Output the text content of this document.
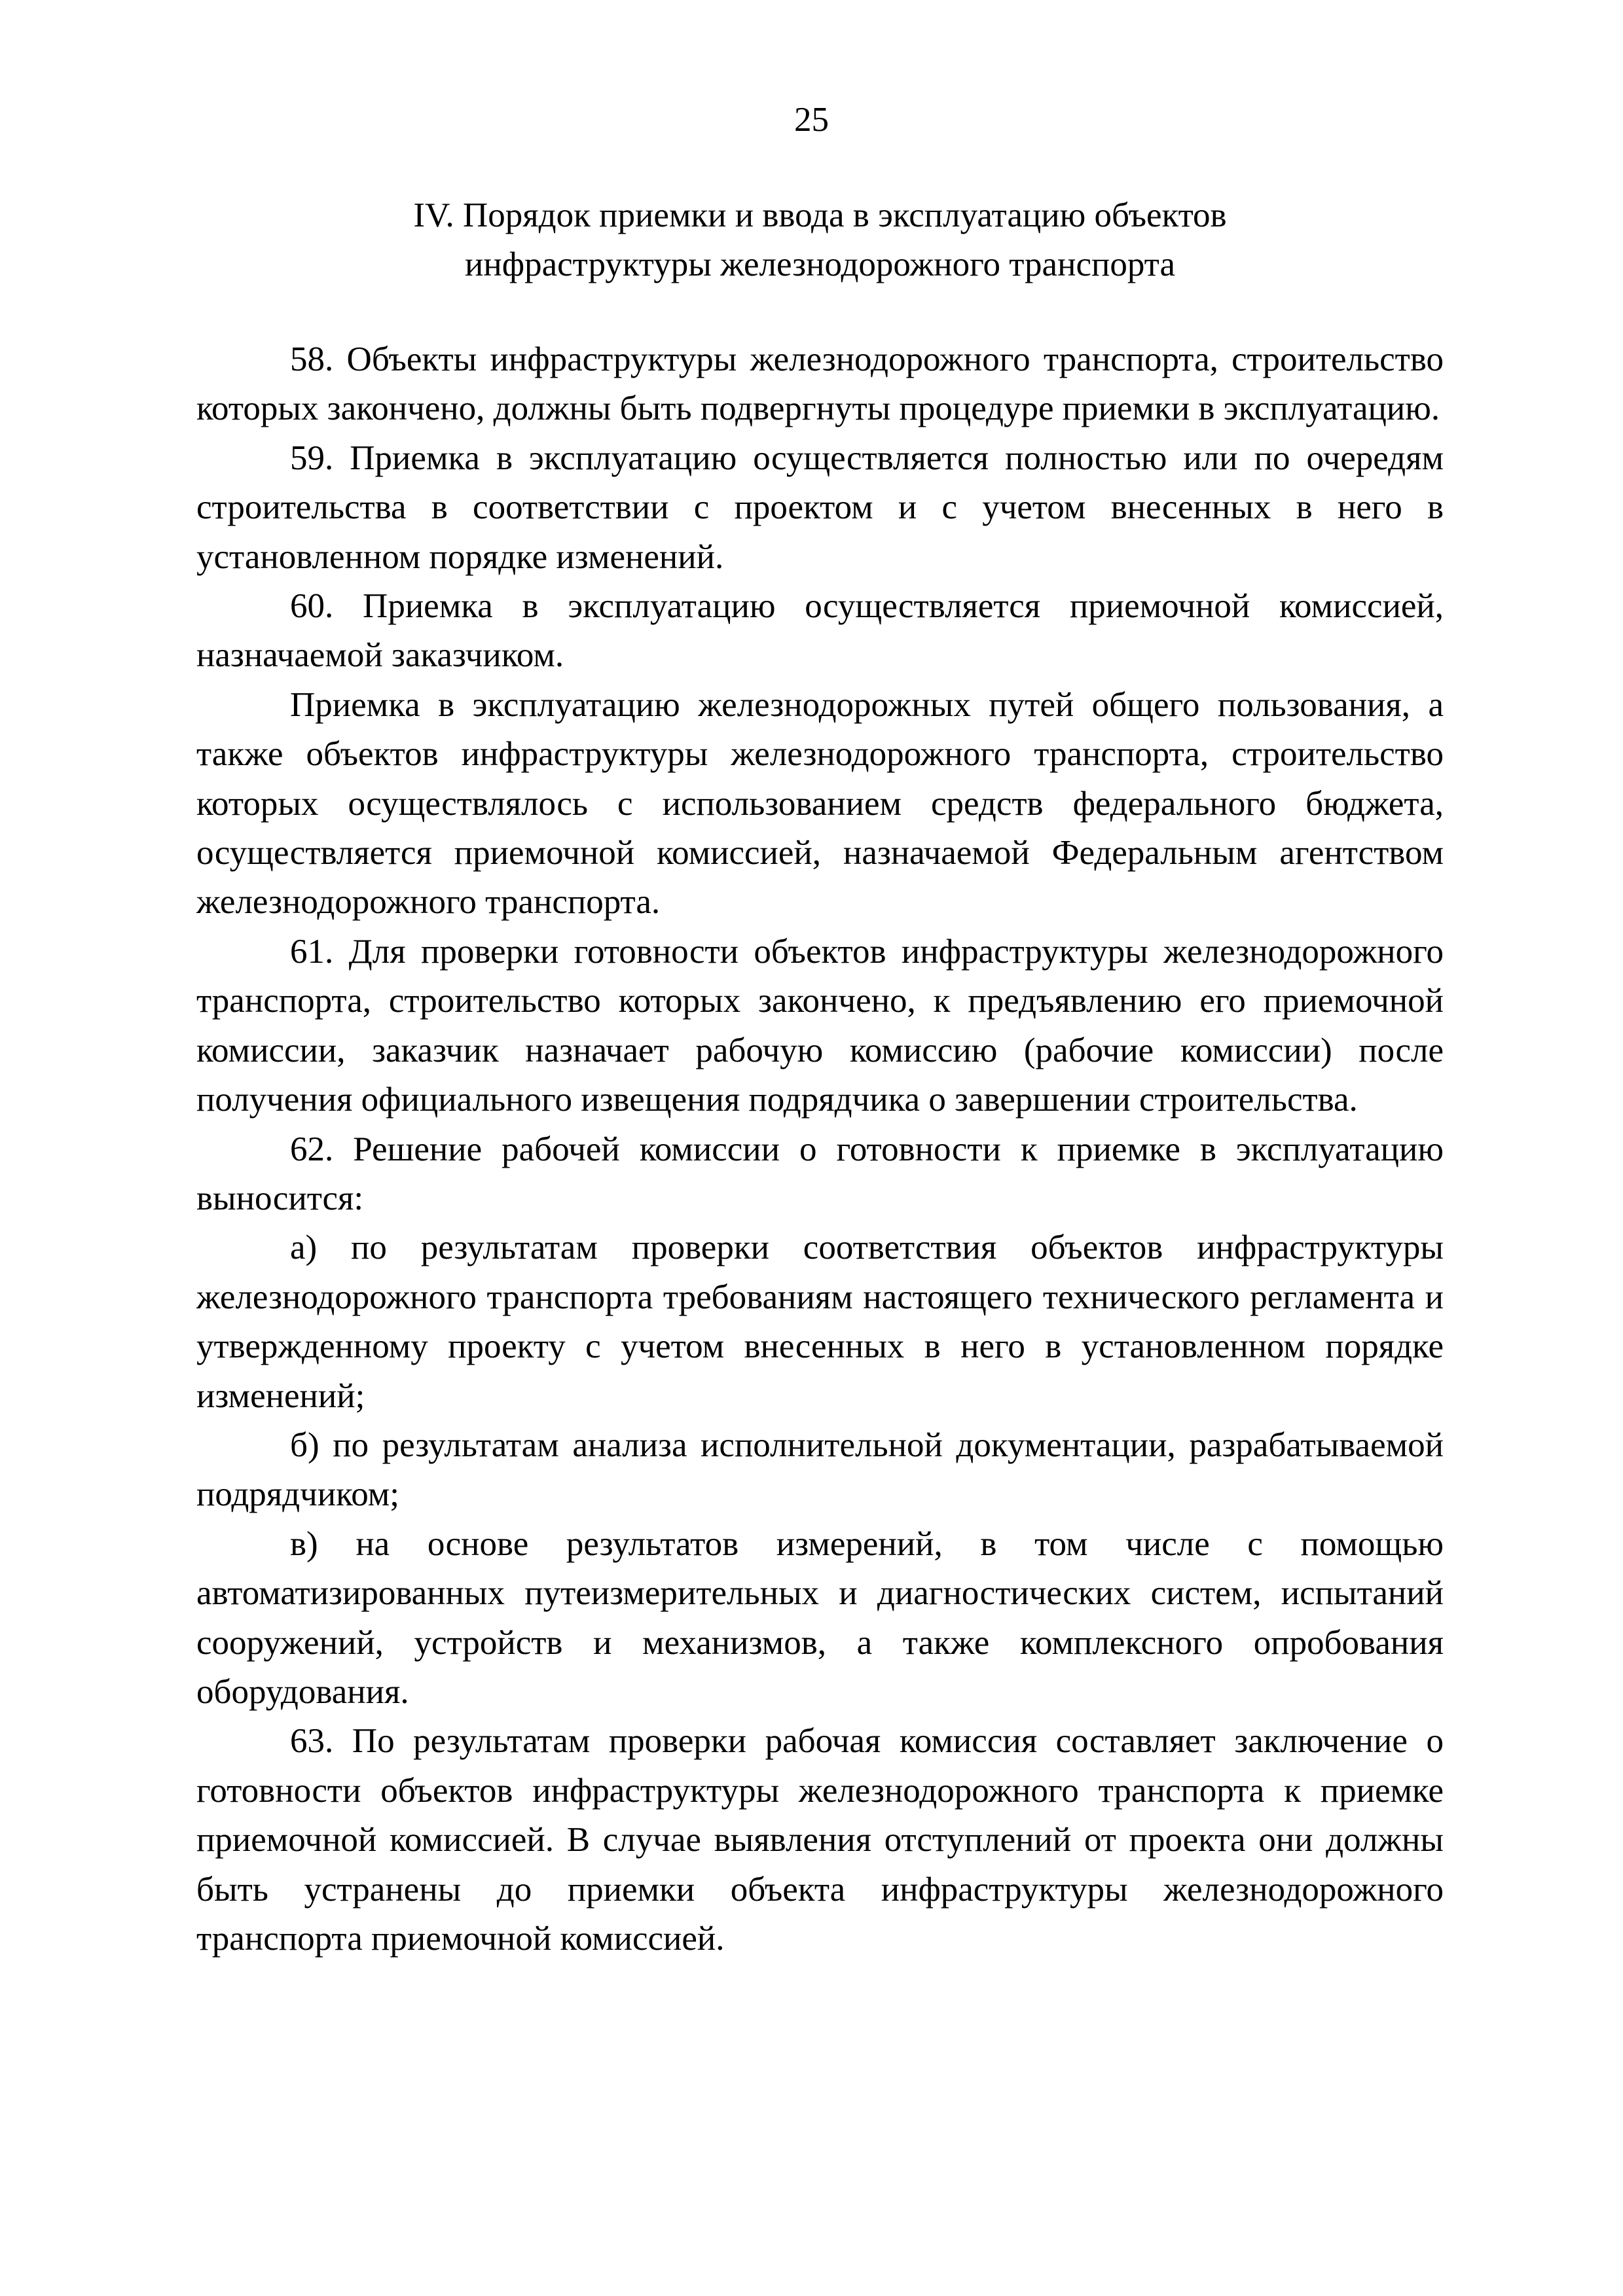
25
IV. Порядок приемки и ввода в эксплуатацию объектов
инфраструктуры железнодорожного транспорта

58. Объекты инфраструктуры железнодорожного транспорта, строительство которых закончено, должны быть подвергнуты процедуре приемки в эксплуатацию.

59. Приемка в эксплуатацию осуществляется полностью или по очередям строительства в соответствии с проектом и с учетом внесенных в него в установленном порядке изменений.

60. Приемка в эксплуатацию осуществляется приемочной комиссией, назначаемой заказчиком.

Приемка в эксплуатацию железнодорожных путей общего пользования, а также объектов инфраструктуры железнодорожного транспорта, строительство которых осуществлялось с использованием средств федерального бюджета, осуществляется приемочной комиссией, назначаемой Федеральным агентством железнодорожного транспорта.

61. Для проверки готовности объектов инфраструктуры железнодорожного транспорта, строительство которых закончено, к предъявлению его приемочной комиссии, заказчик назначает рабочую комиссию (рабочие комиссии) после получения официального извещения подрядчика о завершении строительства.

62. Решение рабочей комиссии о готовности к приемке в эксплуатацию выносится:

а) по результатам проверки соответствия объектов инфраструктуры железнодорожного транспорта требованиям настоящего технического регламента и утвержденному проекту с учетом внесенных в него в установленном порядке изменений;

б) по результатам анализа исполнительной документации, разрабатываемой подрядчиком;

в) на основе результатов измерений, в том числе с помощью автоматизированных путеизмерительных и диагностических систем, испытаний сооружений, устройств и механизмов, а также комплексного опробования оборудования.

63. По результатам проверки рабочая комиссия составляет заключение о готовности объектов инфраструктуры железнодорожного транспорта к приемке приемочной комиссией. В случае выявления отступлений от проекта они должны быть устранены до приемки объекта инфраструктуры железнодорожного транспорта приемочной комиссией.
